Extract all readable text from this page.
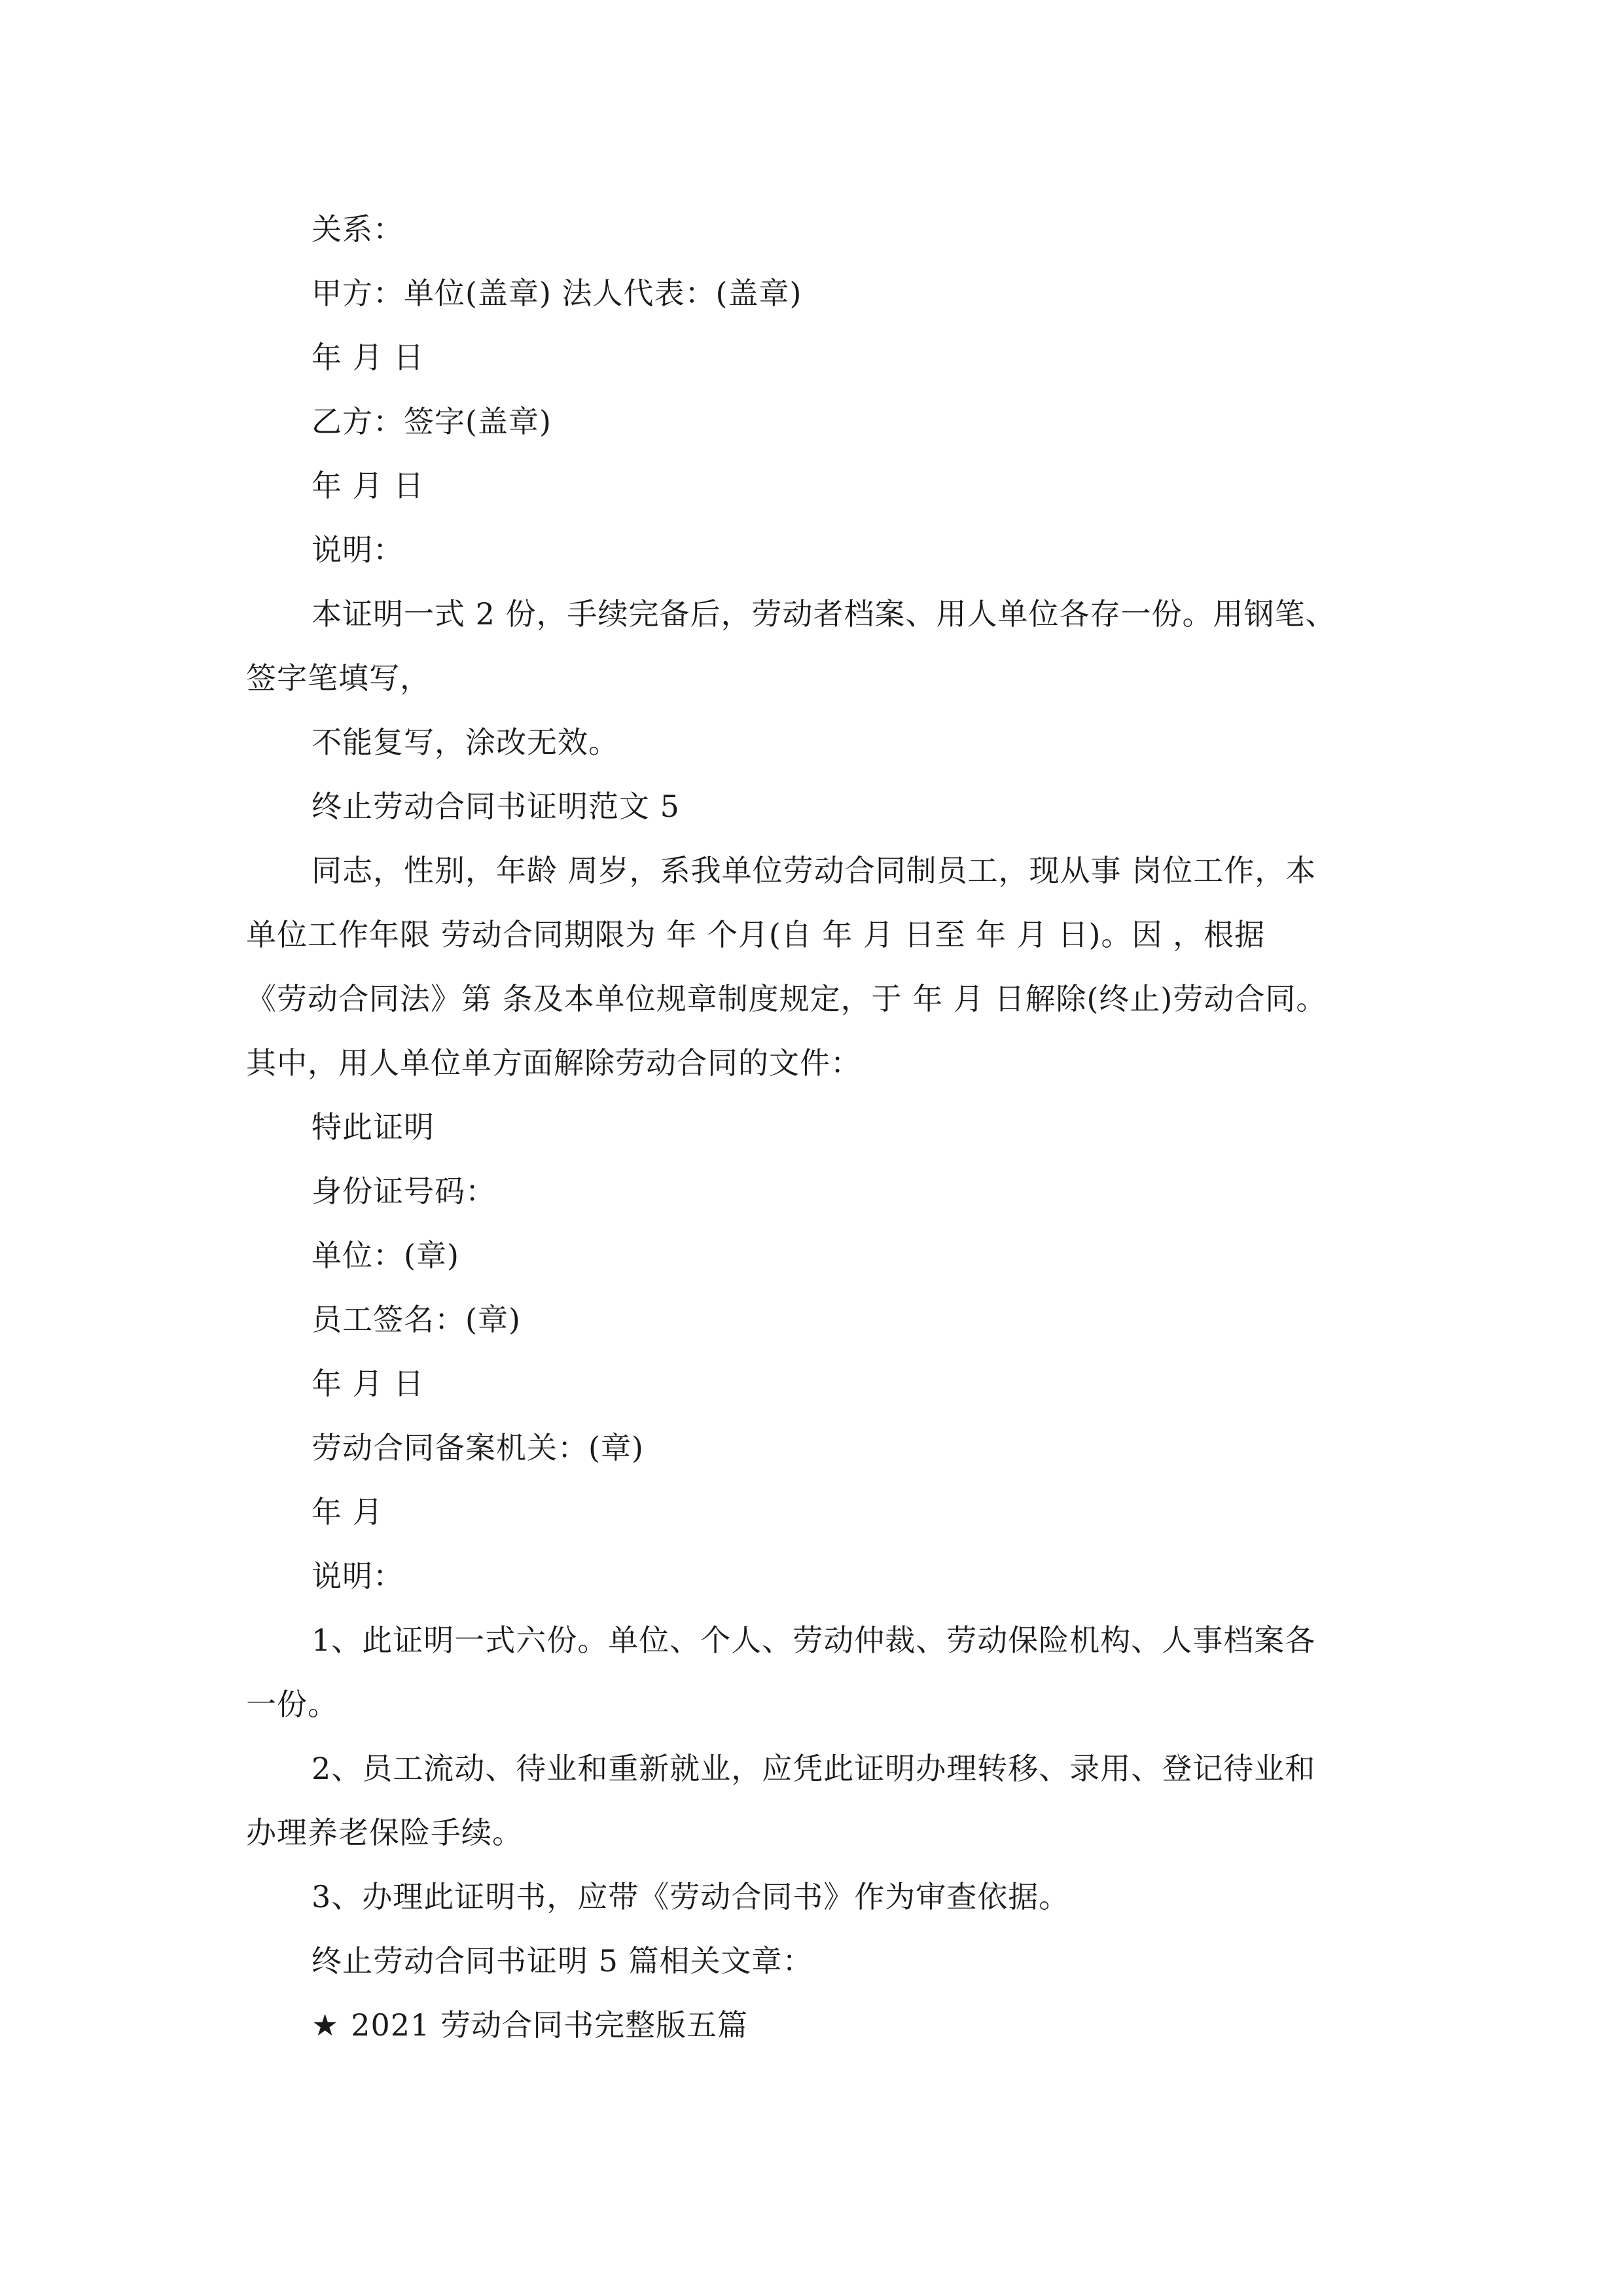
关系：

甲方：单位(盖章) 法人代表：(盖章)

年 月 日

乙方：签字(盖章)

年 月 日

说明：

本证明一式 2 份，手续完备后，劳动者档案、用人单位各存一份。用钢笔、

签字笔填写，

不能复写，涂改无效。

终止劳动合同书证明范文 5

同志，性别，年龄 周岁，系我单位劳动合同制员工，现从事 岗位工作，本

单位工作年限 劳动合同期限为 年 个月(自 年 月 日至 年 月 日)。因 ，根据

《劳动合同法》第 条及本单位规章制度规定，于 年 月 日解除(终止)劳动合同。

其中，用人单位单方面解除劳动合同的文件：

特此证明

身份证号码：

单位：(章)

员工签名：(章)

年 月 日

劳动合同备案机关：(章)

年 月

说明：

1、此证明一式六份。单位、个人、劳动仲裁、劳动保险机构、人事档案各

一份。

2、员工流动、待业和重新就业，应凭此证明办理转移、录用、登记待业和

办理养老保险手续。

3、办理此证明书，应带《劳动合同书》作为审查依据。

终止劳动合同书证明 5 篇相关文章：

★ 2021 劳动合同书完整版五篇
